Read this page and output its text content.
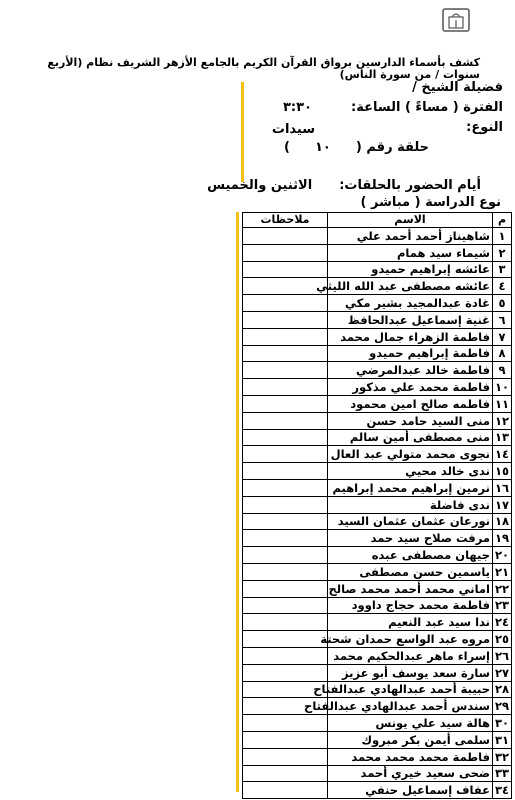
كشف بأسماء الدارسين برواق القرآن الكريم بالجامع الأزهر الشريف نظام (الأربع سنوات / من سورة الناس)
فضيلة الشيخ /
الفترة ( مساءً ) الساعة:  ٣:٣٠
النوع:
سيدات
حلقة رقم (  ١٠  )
أيام الحضور بالحلقات:  الاثنين والخميس
نوع الدراسة ( مباشر )
م	الاسم	ملاحظات
١	شاهيناز أحمد أحمد علي	
٢	شيماء سيد همام	
٣	عائشه إبراهيم حميدو	
٤	عائشه مصطفى عبد الله الليثي	
٥	غادة عبدالمجيد بشير مكي	
٦	غنية إسماعيل عبدالحافظ	
٧	فاطمة الزهراء جمال محمد	
٨	فاطمة إبراهيم حميدو	
٩	فاطمة خالد عبدالمرضي	
١٠	فاطمة محمد علي مذكور	
١١	فاطمه صالح امين محمود	
١٢	منى السيد حامد حسن	
١٣	منى مصطفى أمين سالم	
١٤	نجوى محمد متولي عبد العال	
١٥	ندى خالد محيي	
١٦	نرمين إبراهيم محمد إبراهيم	
١٧	ندى فاضلة	
١٨	نورعان عثمان عثمان السيد	
١٩	مرفت صلاح سيد حمد	
٢٠	جيهان مصطفى عبده	
٢١	ياسمين حسن مصطفى	
٢٢	اماني محمد أحمد محمد صالح	
٢٣	فاطمة محمد حجاج داوود	
٢٤	ندا سيد عبد النعيم	
٢٥	مروه عبد الواسع حمدان شحتة	
٢٦	إسراء ماهر عبدالحكيم محمد	
٢٧	سارة سعد يوسف أبو عزيز	
٢٨	حبيبة أحمد عبدالهادي عبدالفتاح	
٢٩	سندس أحمد عبدالهادي عبدالفتاح	
٣٠	هالة سيد علي يونس	
٣١	سلمى أيمن بكر مبروك	
٣٢	فاطمة محمد محمد محمد	
٣٣	ضحى سعيد خيري أحمد	
٣٤	عفاف إسماعيل حنفي	
